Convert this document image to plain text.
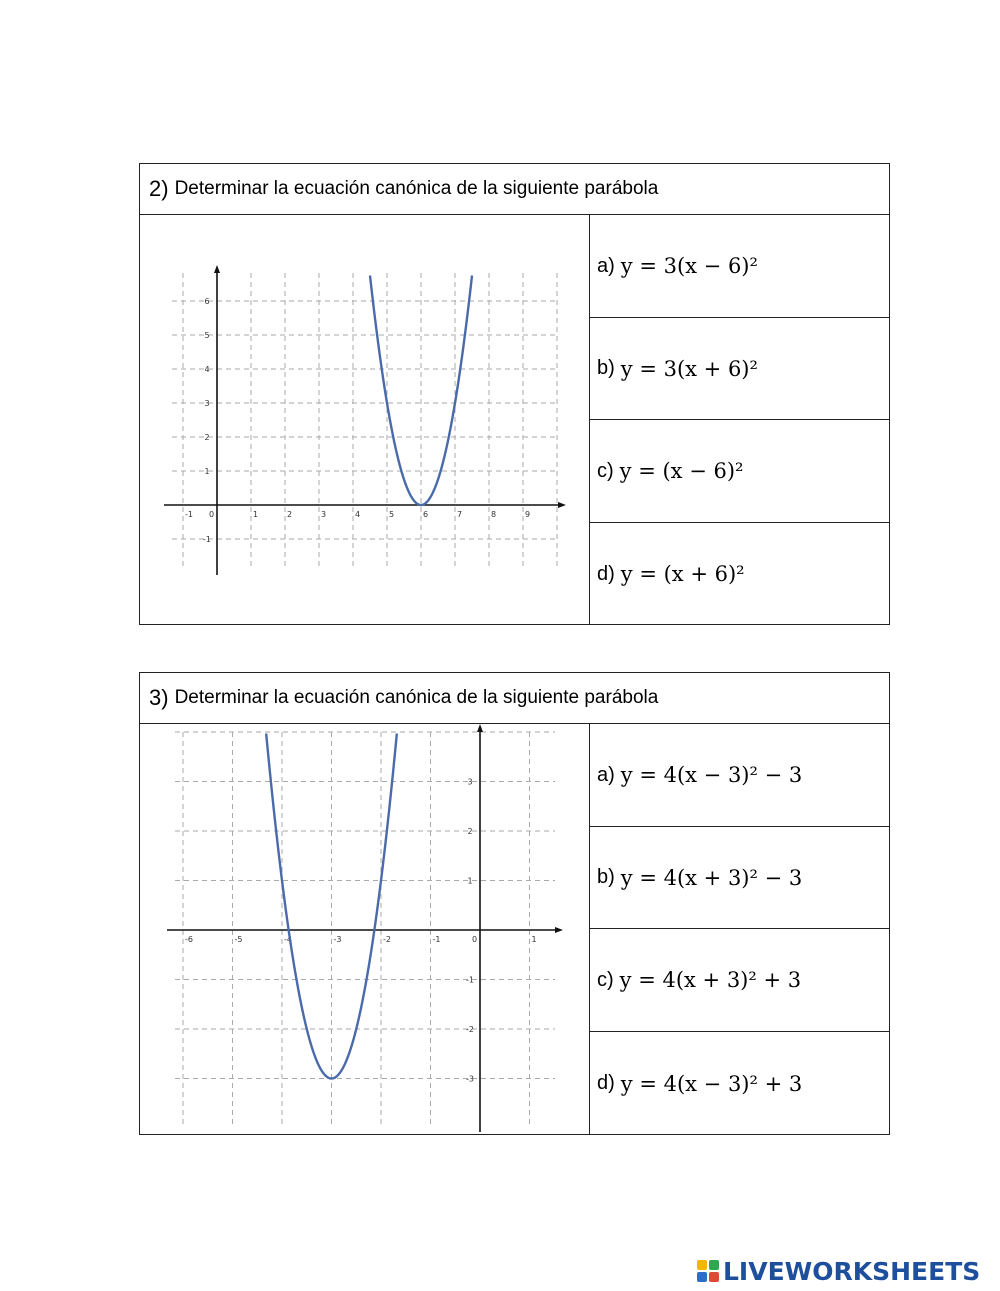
2) Determinar la ecuación canónica de la siguiente parábola
-1 0	1	2	3	4	5	6	7	8	9
-1
1
2
3
4
5
6
a) y = 3(x − 6)²
b) y = 3(x + 6)²
c) y = (x − 6)²
d) y = (x + 6)²
3) Determinar la ecuación canónica de la siguiente parábola
-6	-5	-4	-3	-2	-1	0	1
-3
-2
-1
1
2
3	a) y = 4(x − 3)² − 3
b) y = 4(x + 3)² − 3
c) y = 4(x + 3)² + 3
d) y = 4(x − 3)² + 3
LIVEWORKSHEETS
